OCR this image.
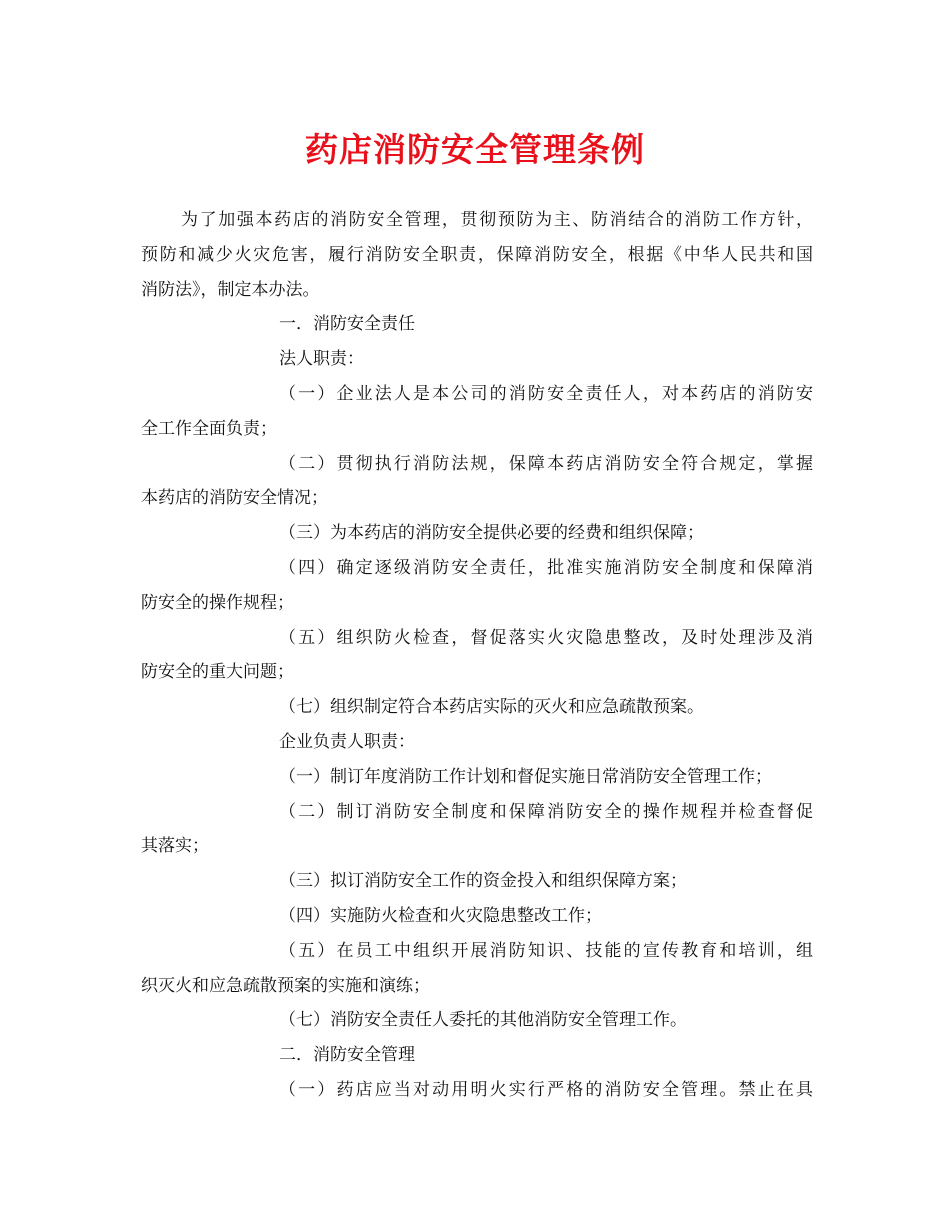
药店消防安全管理条例
为了加强本药店的消防安全管理，贯彻预防为主、防消结合的消防工作方针，
预防和减少火灾危害，履行消防安全职责，保障消防安全，根据《中华人民共和国
消防法》，制定本办法。
一．消防安全责任
法人职责：
（一）企业法人是本公司的消防安全责任人，对本药店的消防安
全工作全面负责；
（二）贯彻执行消防法规，保障本药店消防安全符合规定，掌握
本药店的消防安全情况；
（三）为本药店的消防安全提供必要的经费和组织保障；
（四）确定逐级消防安全责任，批准实施消防安全制度和保障消
防安全的操作规程；
（五）组织防火检查，督促落实火灾隐患整改，及时处理涉及消
防安全的重大问题；
（七）组织制定符合本药店实际的灭火和应急疏散预案。
企业负责人职责：
（一）制订年度消防工作计划和督促实施日常消防安全管理工作；
（二）制订消防安全制度和保障消防安全的操作规程并检查督促
其落实；
（三）拟订消防安全工作的资金投入和组织保障方案；
（四）实施防火检查和火灾隐患整改工作；
（五）在员工中组织开展消防知识、技能的宣传教育和培训，组
织灭火和应急疏散预案的实施和演练；
（七）消防安全责任人委托的其他消防安全管理工作。
二．消防安全管理
（一）药店应当对动用明火实行严格的消防安全管理。禁止在具
